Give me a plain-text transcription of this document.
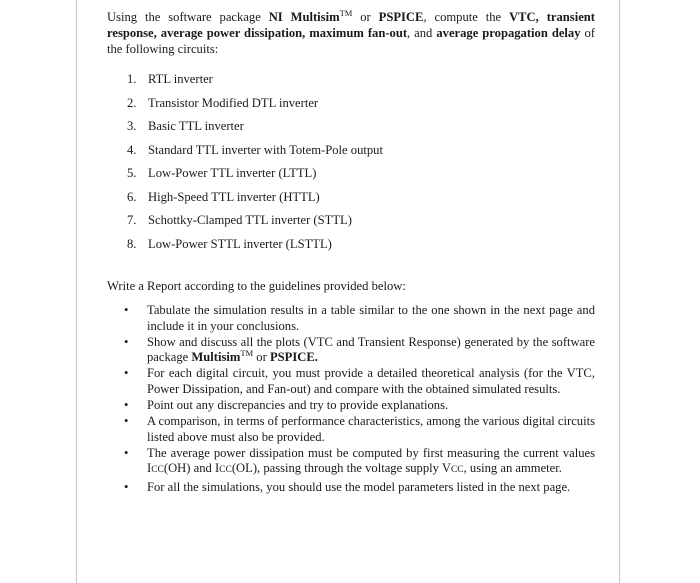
Using the software package NI Multisim™ or PSPICE, compute the VTC, transient response, average power dissipation, maximum fan-out, and average propagation delay of the following circuits:

1. RTL inverter
2. Transistor Modified DTL inverter
3. Basic TTL inverter
4. Standard TTL inverter with Totem-Pole output
5. Low-Power TTL inverter (LTTL)
6. High-Speed TTL inverter (HTTL)
7. Schottky-Clamped TTL inverter (STTL)
8. Low-Power STTL inverter (LSTTL)

Write a Report according to the guidelines provided below:

• Tabulate the simulation results in a table similar to the one shown in the next page and include it in your conclusions.
• Show and discuss all the plots (VTC and Transient Response) generated by the software package Multisim™ or PSPICE.
• For each digital circuit, you must provide a detailed theoretical analysis (for the VTC, Power Dissipation, and Fan-out) and compare with the obtained simulated results.
• Point out any discrepancies and try to provide explanations.
• A comparison, in terms of performance characteristics, among the various digital circuits listed above must also be provided.
• The average power dissipation must be computed by first measuring the current values ICC(OH) and ICC(OL), passing through the voltage supply VCC, using an ammeter.
• For all the simulations, you should use the model parameters listed in the next page.
